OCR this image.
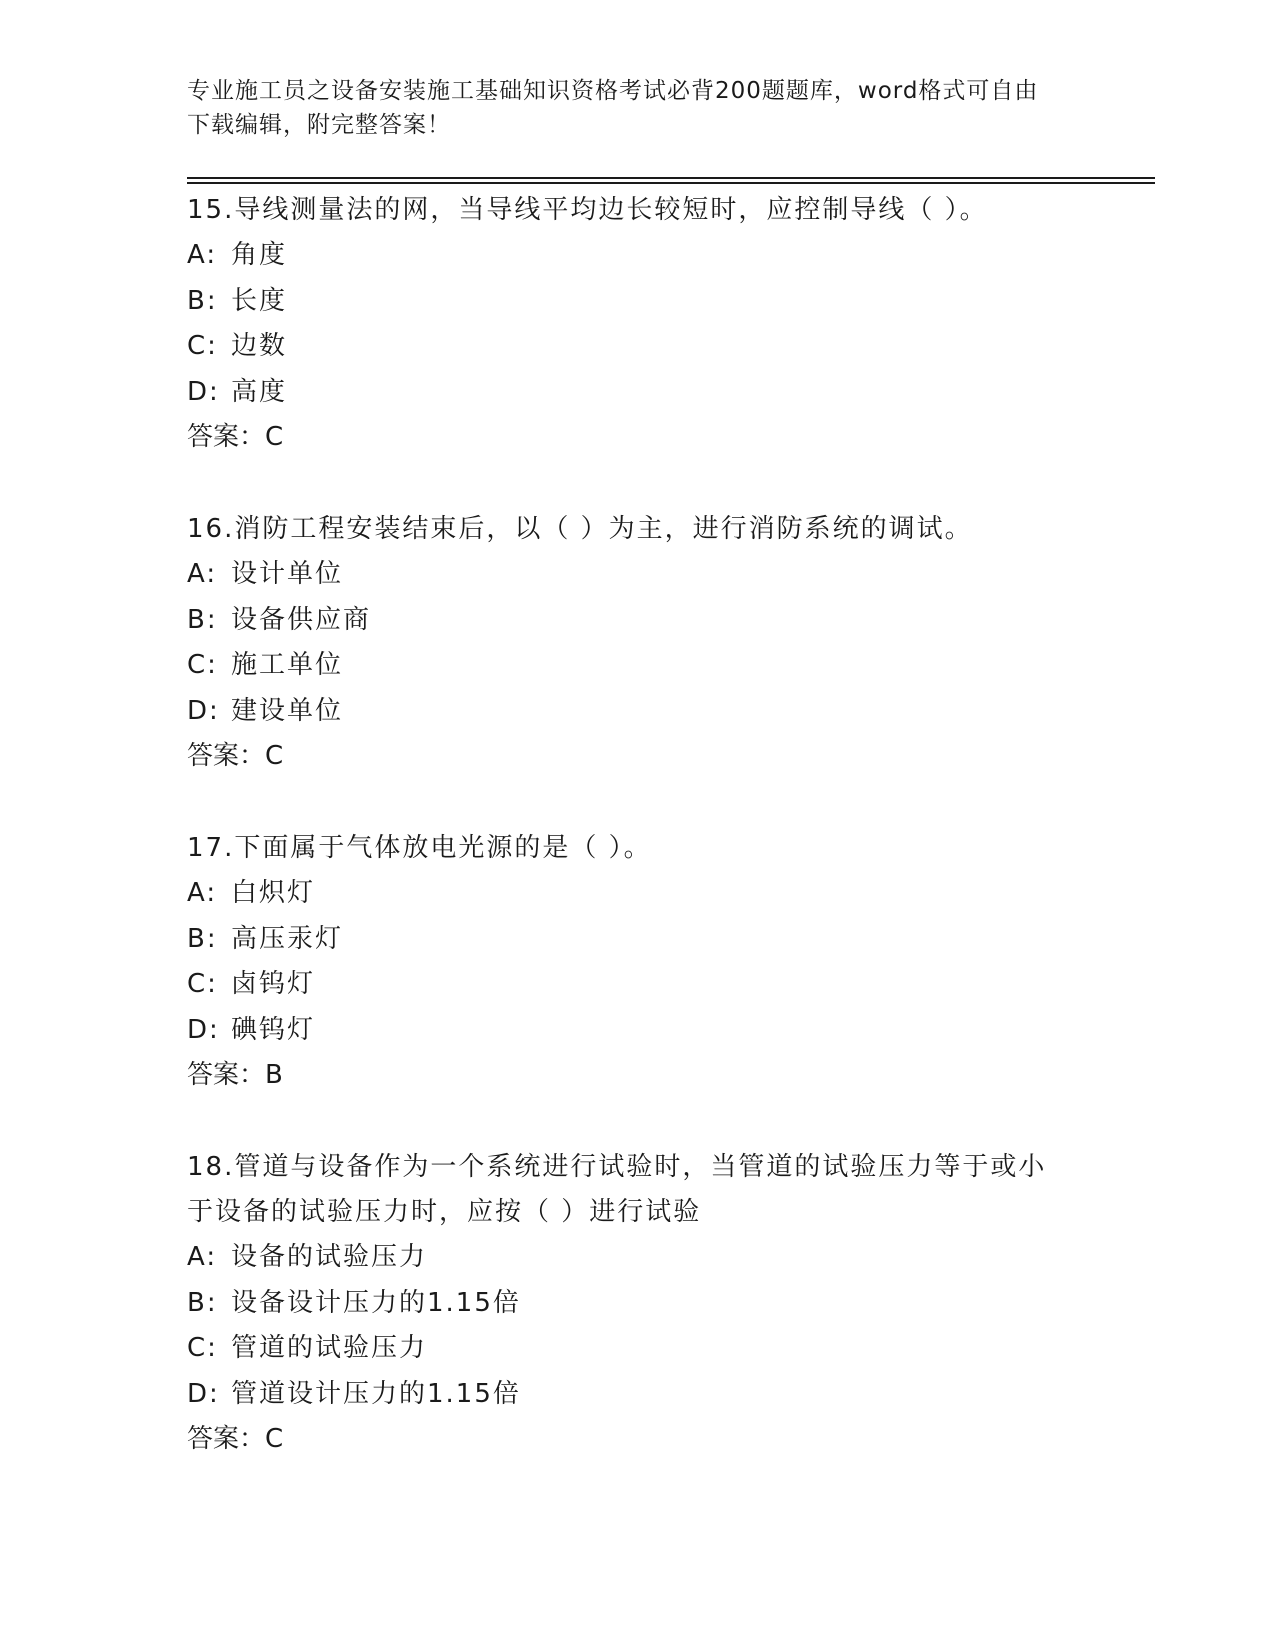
专业施工员之设备安装施工基础知识资格考试必背200题题库，word格式可自由
下载编辑，附完整答案！

15.导线测量法的网，当导线平均边长较短时，应控制导线（ ）。

A: 角度

B: 长度

C: 边数

D: 高度

答案：C

16.消防工程安装结束后，以（ ）为主，进行消防系统的调试。

A: 设计单位

B: 设备供应商

C: 施工单位

D: 建设单位

答案：C

17.下面属于气体放电光源的是（ ）。

A: 白炽灯

B: 高压汞灯

C: 卤钨灯

D: 碘钨灯

答案：B

18.管道与设备作为一个系统进行试验时，当管道的试验压力等于或小

于设备的试验压力时，应按（ ）进行试验

A: 设备的试验压力

B: 设备设计压力的1.15倍

C: 管道的试验压力

D: 管道设计压力的1.15倍

答案：C
